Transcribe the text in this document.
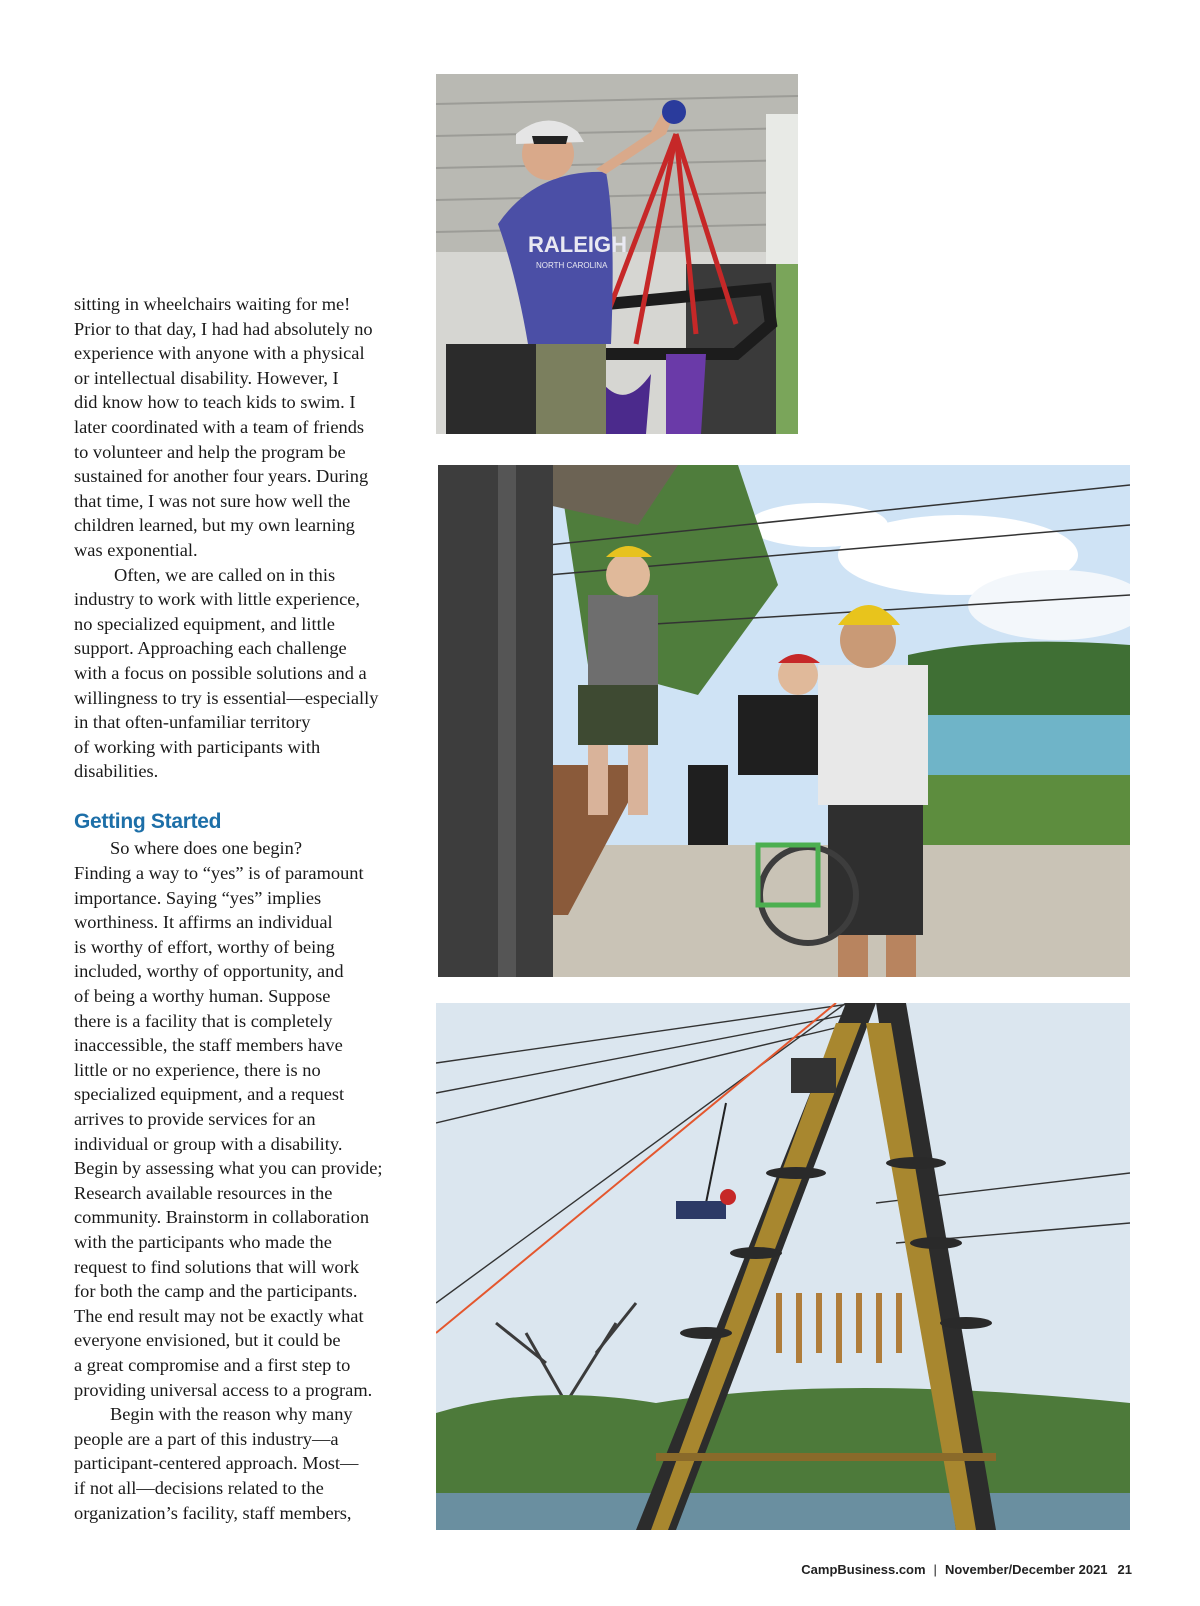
sitting in wheelchairs waiting for me!
Prior to that day, I had had absolutely no
experience with anyone with a physical
or intellectual disability. However, I
did know how to teach kids to swim. I
later coordinated with a team of friends
to volunteer and help the program be
sustained for another four years. During
that time, I was not sure how well the
children learned, but my own learning
was exponential.
Often, we are called on in this
industry to work with little experience,
no specialized equipment, and little
support. Approaching each challenge
with a focus on possible solutions and a
willingness to try is essential—especially
in that often-unfamiliar territory
of working with participants with
disabilities.
Getting Started
So where does one begin?
Finding a way to “yes” is of paramount
importance. Saying “yes” implies
worthiness. It affirms an individual
is worthy of effort, worthy of being
included, worthy of opportunity, and
of being a worthy human. Suppose
there is a facility that is completely
inaccessible, the staff members have
little or no experience, there is no
specialized equipment, and a request
arrives to provide services for an
individual or group with a disability.
Begin by assessing what you can provide;
Research available resources in the
community. Brainstorm in collaboration
with the participants who made the
request to find solutions that will work
for both the camp and the participants.
The end result may not be exactly what
everyone envisioned, but it could be
a great compromise and a first step to
providing universal access to a program.
Begin with the reason why many
people are a part of this industry—a
participant-centered approach. Most—
if not all—decisions related to the
organization’s facility, staff members,
RALEIGH
NORTH CAROLINA
CampBusiness.com | November/December 2021 21
